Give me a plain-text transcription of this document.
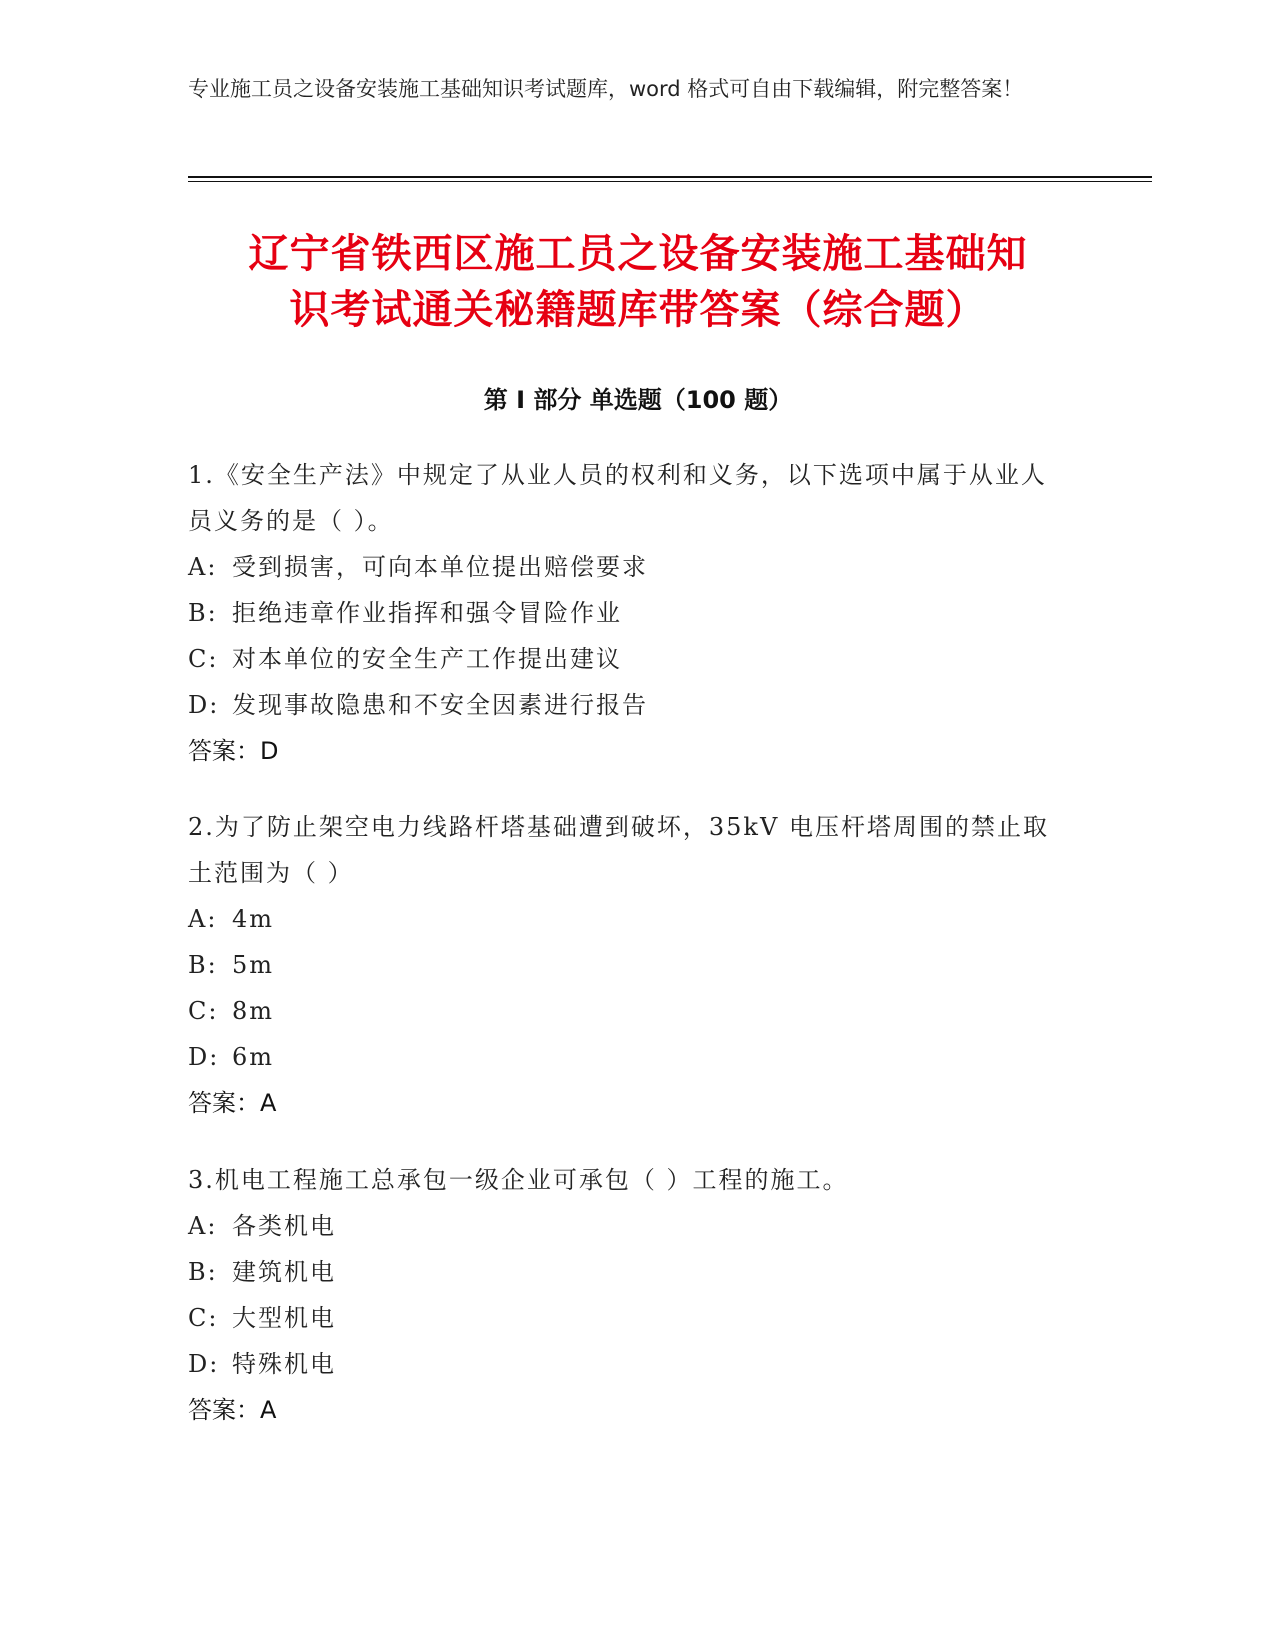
专业施工员之设备安装施工基础知识考试题库，word 格式可自由下载编辑，附完整答案！
辽宁省铁西区施工员之设备安装施工基础知
识考试通关秘籍题库带答案（综合题）
第 I 部分 单选题（100 题）

1.《安全生产法》中规定了从业人员的权利和义务，以下选项中属于从业人员义务的是（ ）。

A: 受到损害，可向本单位提出赔偿要求
B: 拒绝违章作业指挥和强令冒险作业
C: 对本单位的安全生产工作提出建议
D: 发现事故隐患和不安全因素进行报告
答案：D

2.为了防止架空电力线路杆塔基础遭到破坏，35kV 电压杆塔周围的禁止取土范围为（ ）

A: 4m
B: 5m
C: 8m
D: 6m
答案：A

3.机电工程施工总承包一级企业可承包（ ）工程的施工。

A: 各类机电
B: 建筑机电
C: 大型机电
D: 特殊机电
答案：A
